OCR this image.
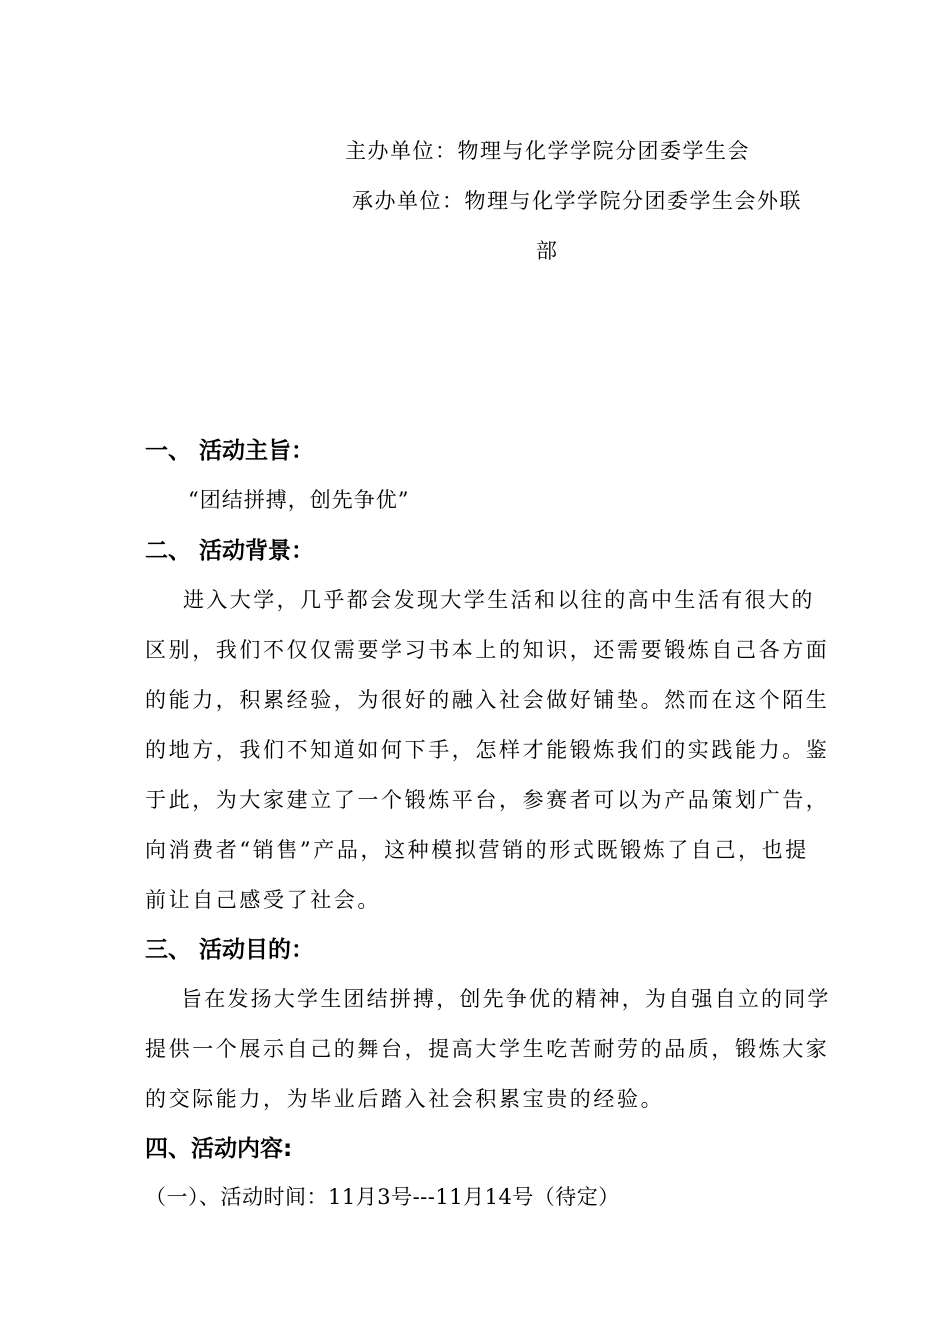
主办单位：物理与化学学院分团委学生会
承办单位：物理与化学学院分团委学生会外联
部
一、 活动主旨：
“团结拼搏，创先争优”
二、 活动背景：
进入大学，几乎都会发现大学生活和以往的高中生活有很大的
区别，我们不仅仅需要学习书本上的知识，还需要锻炼自己各方面
的能力，积累经验，为很好的融入社会做好铺垫。然而在这个陌生
的地方，我们不知道如何下手，怎样才能锻炼我们的实践能力。鉴
于此，为大家建立了一个锻炼平台，参赛者可以为产品策划广告，
向消费者“销售”产品，这种模拟营销的形式既锻炼了自己，也提
前让自己感受了社会。
三、 活动目的：
旨在发扬大学生团结拼搏，创先争优的精神，为自强自立的同学
提供一个展示自己的舞台，提高大学生吃苦耐劳的品质，锻炼大家
的交际能力，为毕业后踏入社会积累宝贵的经验。
四、活动内容:
（一）、活动时间：11月3号---11月14号（待定）
